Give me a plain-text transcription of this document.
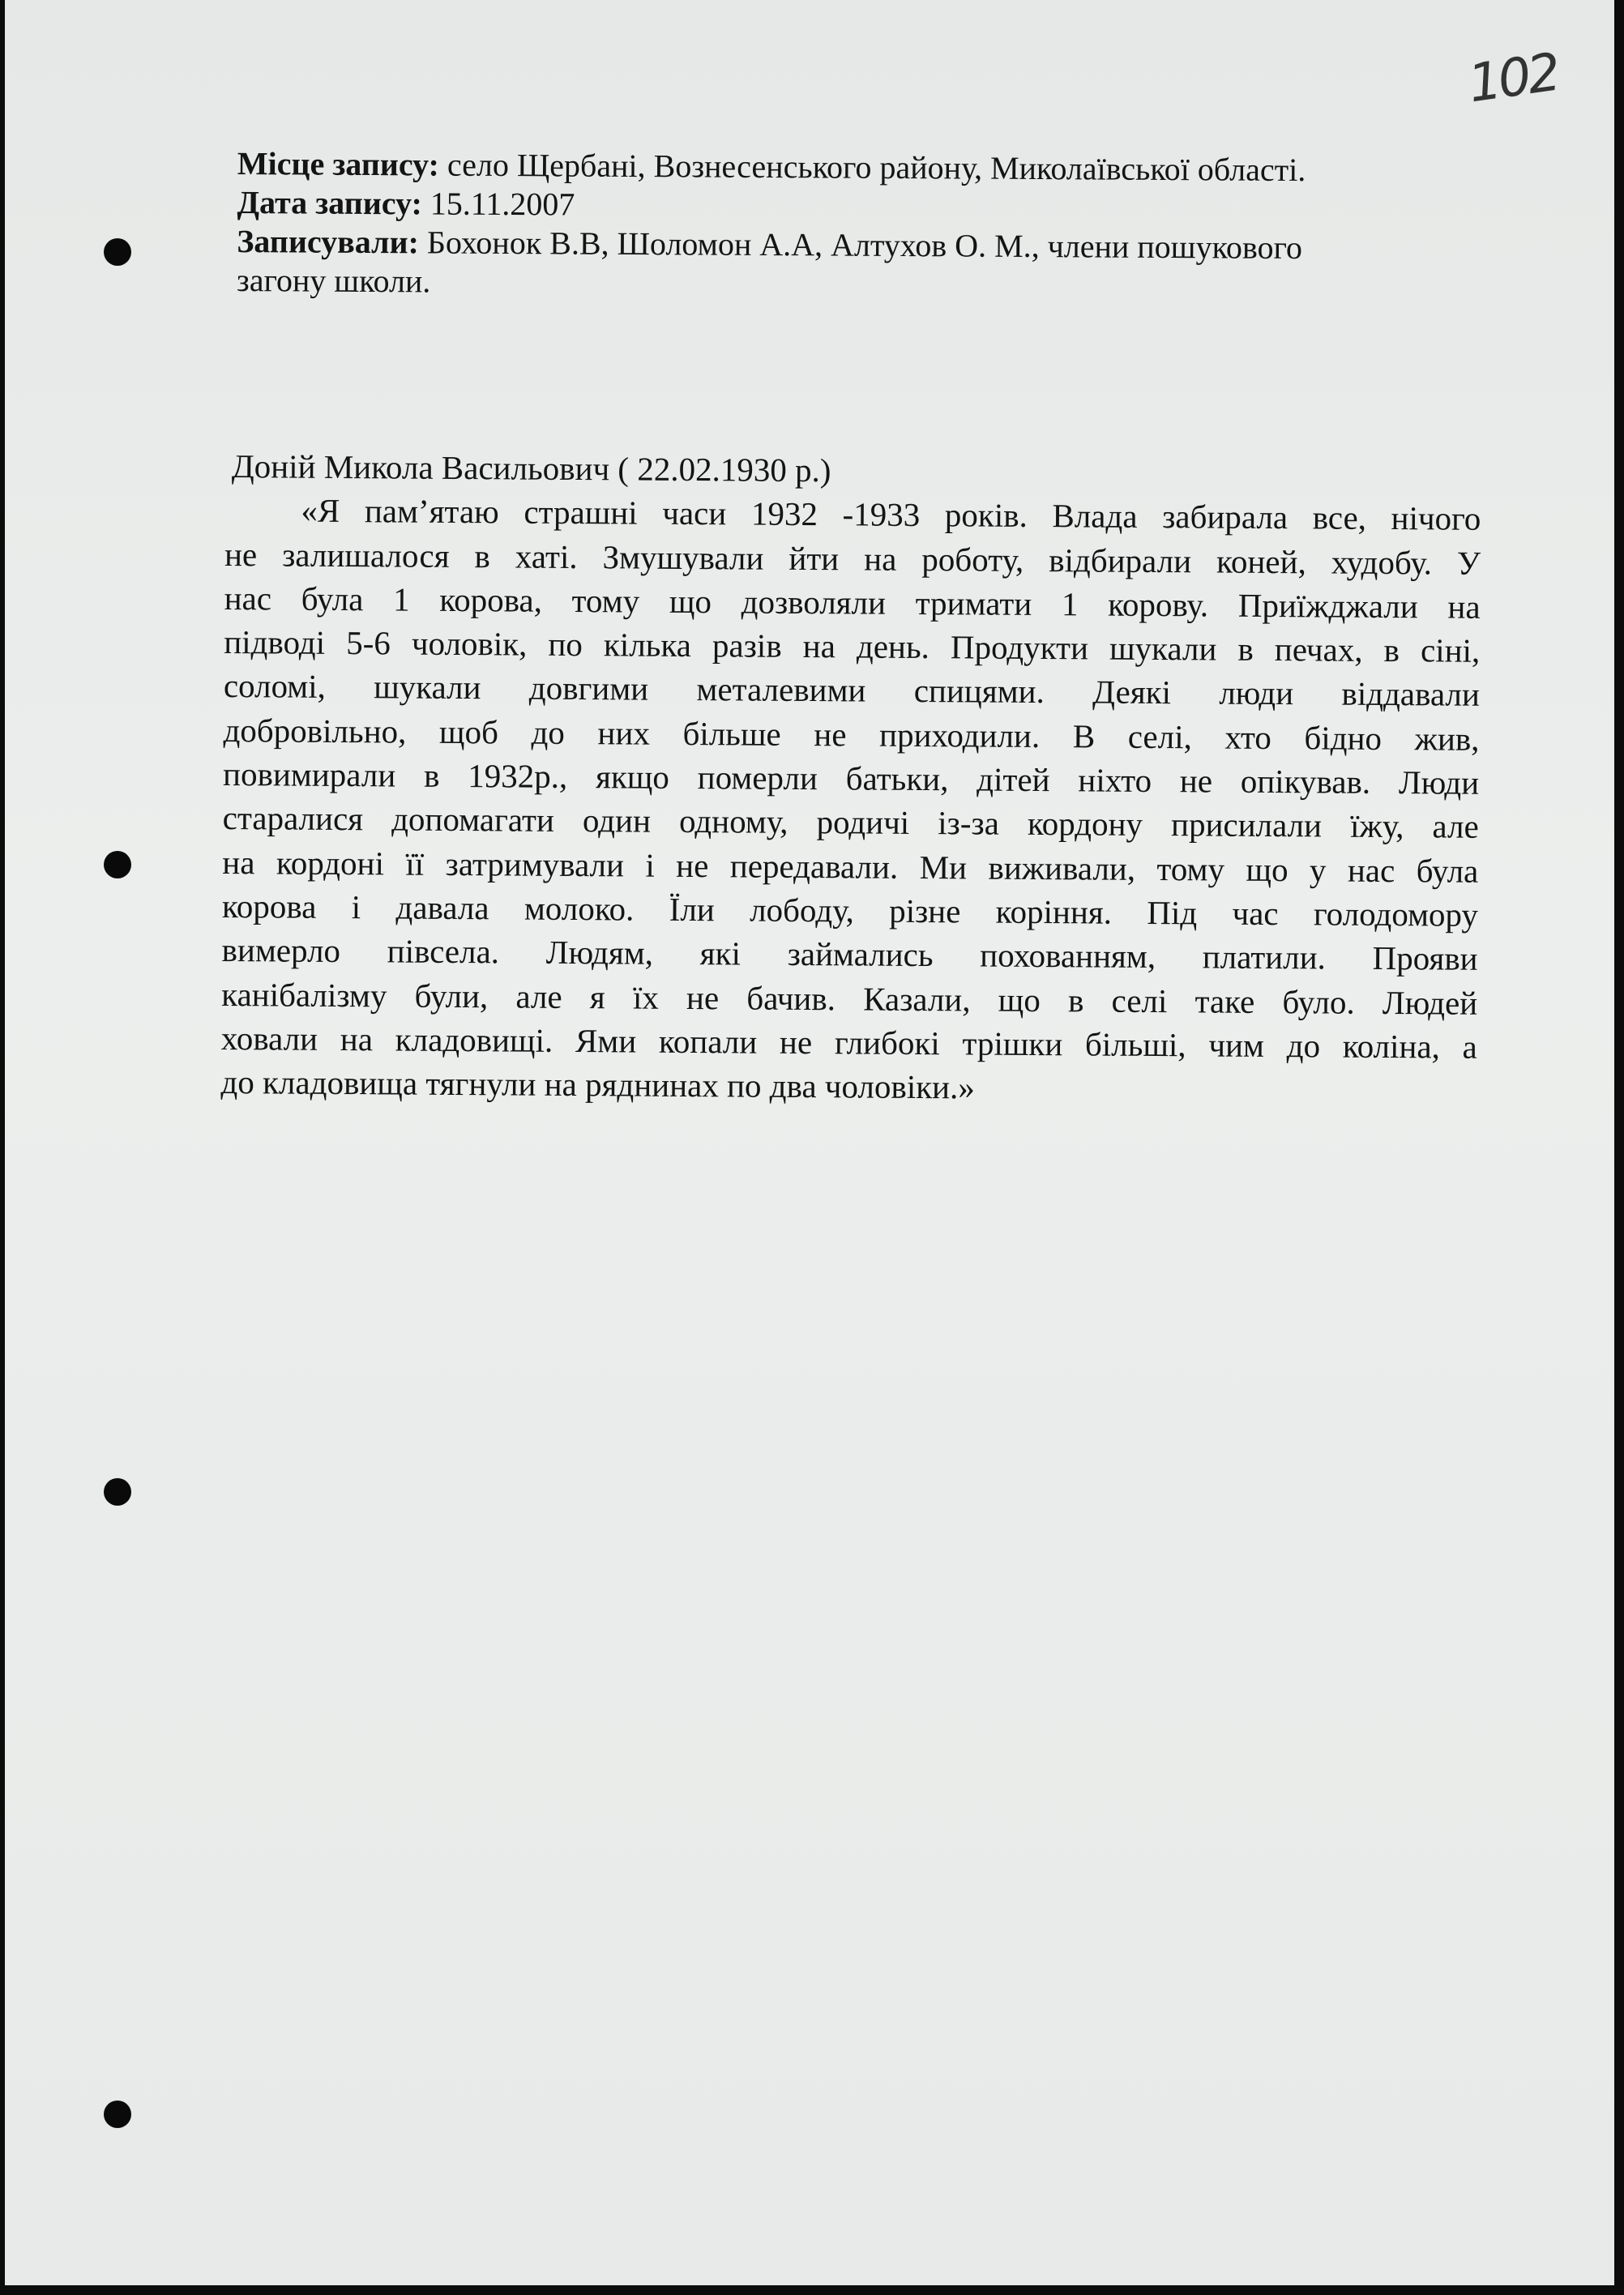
102
Місце запису: село Щербані, Вознесенського району, Миколаївської області.
Дата запису: 15.11.2007
Записували: Бохонок В.В, Шоломон А.А, Алтухов О. М., члени пошукового
загону школи.
Доній Микола Васильович ( 22.02.1930 р.)
«Я пам’ятаю страшні часи 1932 -1933 років. Влада забирала все, нічого
не залишалося в хаті. Змушували йти на роботу, відбирали коней, худобу. У
нас була 1 корова, тому що дозволяли тримати 1 корову. Приїжджали на
підводі 5-6 чоловік, по кілька разів на день. Продукти шукали в печах, в сіні,
соломі, шукали довгими металевими спицями. Деякі люди віддавали
добровільно, щоб до них більше не приходили. В селі, хто бідно жив,
повимирали в 1932р., якщо померли батьки, дітей ніхто не опікував. Люди
старалися допомагати один одному, родичі із-за кордону присилали їжу, але
на кордоні її затримували і не передавали. Ми виживали, тому що у нас була
корова і давала молоко. Їли лободу, різне коріння. Під час голодомору
вимерло півсела. Людям, які займались похованням, платили. Прояви
канібалізму були, але я їх не бачив. Казали, що в селі таке було. Людей
ховали на кладовищі. Ями копали не глибокі трішки більші, чим до коліна, а
до кладовища тягнули на ряднинах по два чоловіки.»
